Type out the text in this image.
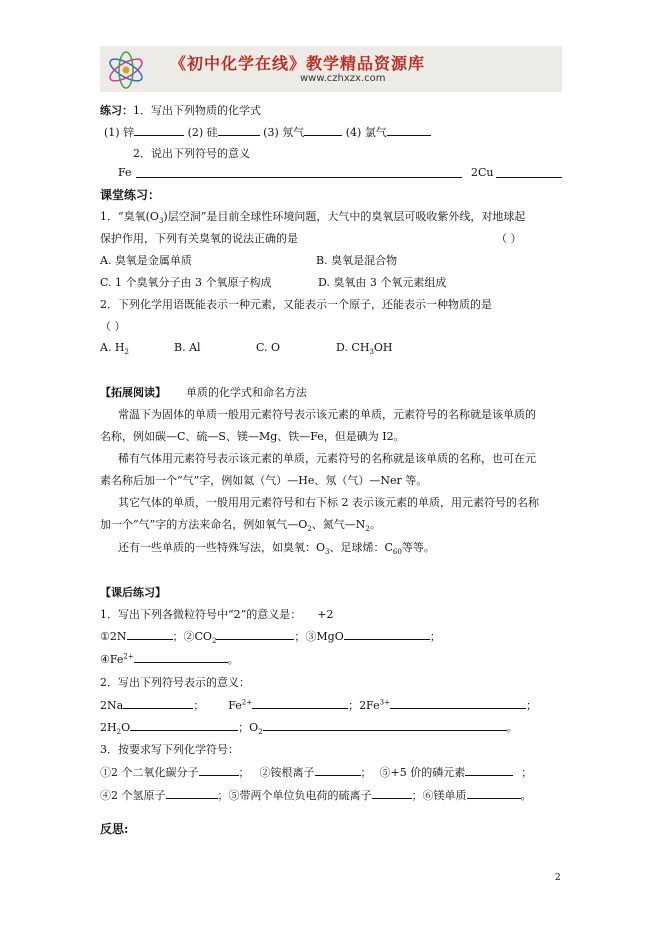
《初中化学在线》教学精品资源库
www.czhxzx.com
练习：1．写出下列物质的化学式
(1) 锌	(2) 硅	(3) 氖气	(4) 氯气
2．说出下列符号的意义
Fe	2Cu
课堂练习：
1．“臭氧$(O_3)$层空洞”是目前全球性环境问题，大气中的臭氧层可吸收紫外线，对地球起
保护作用，下列有关臭氧的说法正确的是	（ ）
A. 臭氧是金属单质	B. 臭氧是混合物
C. 1 个臭氧分子由 3 个氧原子构成	D. 臭氧由 3 个氧元素组成
2．下列化学用语既能表示一种元素，又能表示一个原子，还能表示一种物质的是
（ ）
A. $H_2$	B. Al	C. O	D. $CH_3OH$
【拓展阅读】 单质的化学式和命名方法
常温下为固体的单质一般用元素符号表示该元素的单质，元素符号的名称就是该单质的
名称，例如碳—C、硫—S、镁—Mg、铁—Fe，但是碘为 I2。
稀有气体用元素符号表示该元素的单质，元素符号的名称就是该单质的名称，也可在元
素名称后加一个“气”字，例如氦（气）—He、氖（气）—Ner 等。
其它气体的单质，一般用用元素符号和右下标 2 表示该元素的单质，用元素符号的名称
加一个“气”字的方法来命名，例如氧气$—O_2$、氮气$—N_2$。
还有一些单质的一些特殊写法，如臭氧：$O_3$、足球烯：$C_{60}$等等。
【课后练习】
1．写出下列各微粒符号中“2”的意义是： +2
①2N	；$②CO_2$	；③MgO	；
$④Fe^{2+}$	。
2．写出下列符号表示的意义：
2Na	； $Fe^{2+}$	；$2Fe^{3+}$	；
$2H_2O$	；$O_2$	。
3．按要求写下列化学符号：
①2 个二氧化碳分子	； ②铵根离子	； ⑤+5 价的磷元素	；
④2 个氢原子	；⑤带两个单位负电荷的硫离子	；⑥镁单质	。
反思:
2
